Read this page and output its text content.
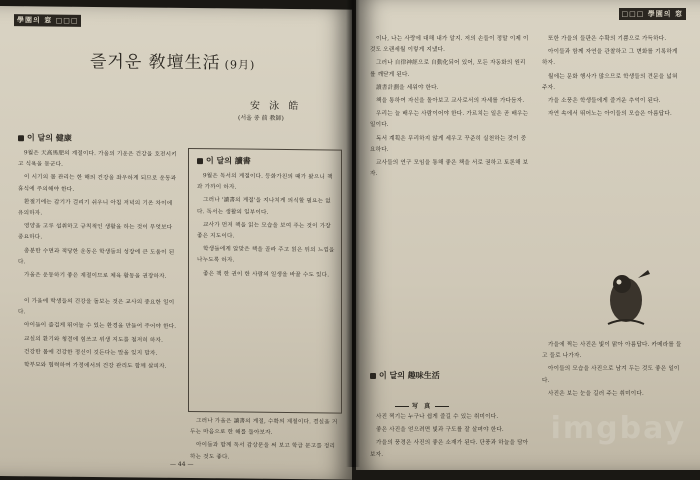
學園의 窓 □□□
즐거운 敎壇生活 (9月)
安 泳 皓
(서울 중 前 教師)
이 달의 健康

9월은 天高馬肥의 계절이다. 가을의 기운은 건강을 호전시키고 식욕을 돋군다.

이 시기의 몸 관리는 한 해의 건강을 좌우하게 되므로 운동과 휴식에 주의해야 한다.

환절기에는 감기가 걸리기 쉬우니 아침 저녁의 기온 차이에 유의하자.

영양을 고루 섭취하고 규칙적인 생활을 하는 것이 무엇보다 중요하다.

충분한 수면과 적당한 운동은 학생들의 성장에 큰 도움이 된다.

가을은 운동하기 좋은 계절이므로 체육 활동을 권장하자.

이 가을에 학생들의 건강을 돌보는 것은 교사의 중요한 일이다.

아이들이 즐겁게 뛰어놀 수 있는 환경을 만들어 주어야 한다.

교실의 환기와 청결에 힘쓰고 위생 지도를 철저히 하자.

건강한 몸에 건강한 정신이 깃든다는 말을 잊지 말자.

학부모와 협력하여 가정에서의 건강 관리도 함께 살피자.

이 달의 讀書

9월은 독서의 계절이다. 등화가친의 때가 왔으니 책과 가까이 하자.

그러나 '讀書의 계절'을 지나치게 의식할 필요는 없다. 독서는 생활의 일부이다.

교사가 먼저 책을 읽는 모습을 보여 주는 것이 가장 좋은 지도이다.

학생들에게 알맞은 책을 골라 주고 읽은 뒤의 느낌을 나누도록 하자.

좋은 책 한 권이 한 사람의 일생을 바꿀 수도 있다.

그러나 가을은 讀書의 계절, 수확의 계절이다. 결실을 거두는 마음으로 한 해를 돌아보자.

아이들과 함께 독서 감상문을 써 보고 학급 문고를 정리하는 것도 좋다.

— 44 —
□□□ 學園의 窓

이나, 나는 사랑에 대해 내가 알지. 저의 손들이 정말 이제 이것도 오랜세월 이렇게 지냈다.

그러나 自律神經으로 自動化되어 있어, 모든 자동화의 원리를 깨닫게 된다.

讀書計劃을 세워야 한다.

책을 통하여 자신을 돌아보고 교사로서의 자세를 가다듬자.

우리는 늘 배우는 사람이어야 한다. 가르치는 일은 곧 배우는 일이다.

독서 계획은 무리하지 않게 세우고 꾸준히 실천하는 것이 중요하다.

교사들의 연구 모임을 통해 좋은 책을 서로 권하고 토론해 보자.

또한 가을의 들판은 수확의 기쁨으로 가득하다.

아이들과 함께 자연을 관찰하고 그 변화를 기록하게 하자.

월에는 문화 행사가 많으므로 학생들의 견문을 넓혀 주자.

가을 소풍은 학생들에게 즐거운 추억이 된다.

자연 속에서 뛰어노는 아이들의 모습은 아름답다.

가을에 찍는 사진은 빛이 맑아 아름답다. 카메라를 들고 들로 나가자.

아이들의 모습을 사진으로 남겨 두는 것도 좋은 일이다.

사진은 보는 눈을 길러 주는 취미이다.

이 달의 趣味生活
写 真

사진 찍기는 누구나 쉽게 즐길 수 있는 취미이다.

좋은 사진을 얻으려면 빛과 구도를 잘 살펴야 한다.

가을의 풍경은 사진의 좋은 소재가 된다. 단풍과 하늘을 담아 보자.

imgbay
